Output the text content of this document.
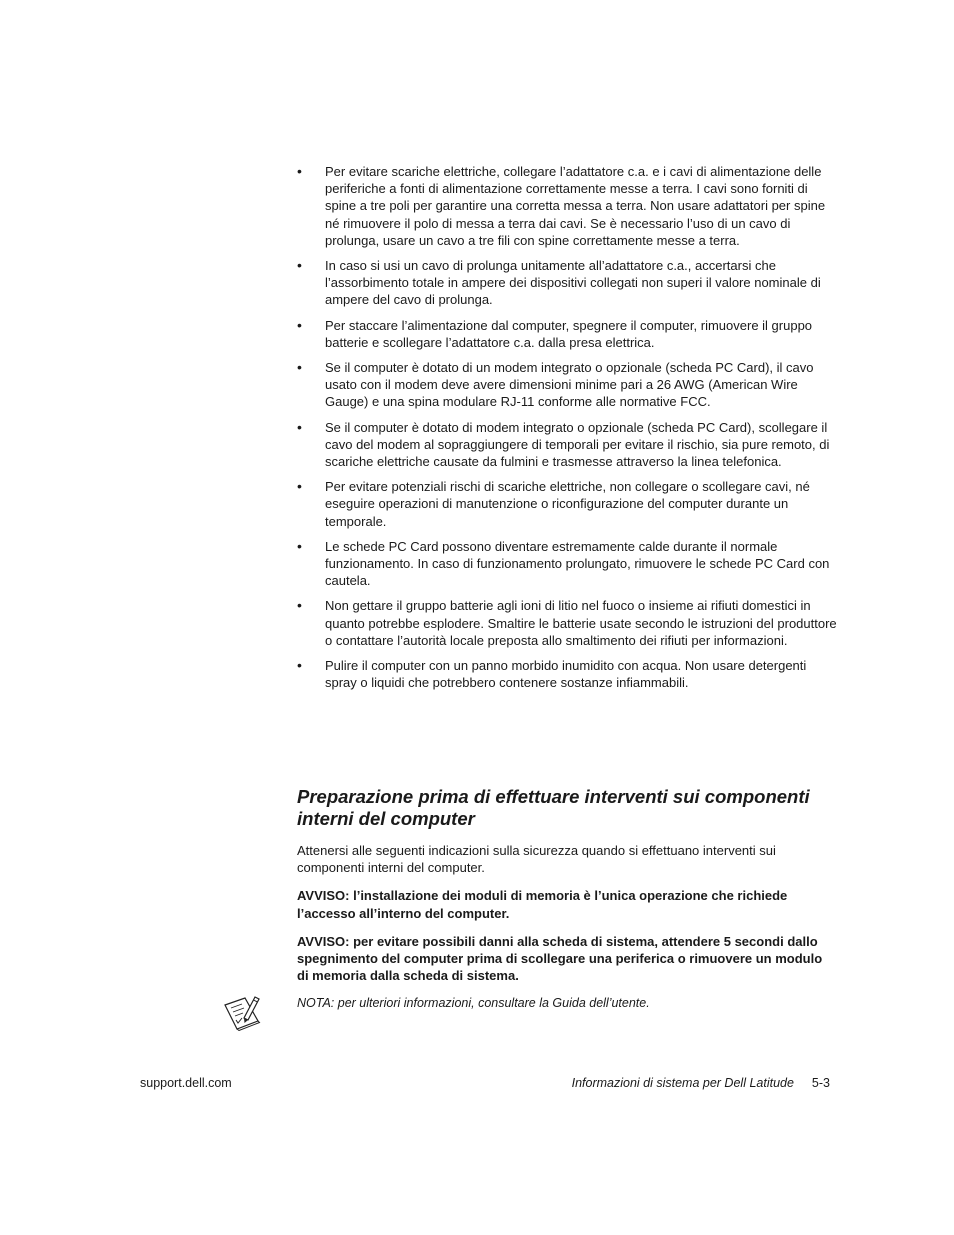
• Per evitare scariche elettriche, collegare l’adattatore c.a. e i cavi di alimentazione delle periferiche a fonti di alimentazione correttamente messe a terra. I cavi sono forniti di spine a tre poli per garantire una corretta messa a terra. Non usare adattatori per spine né rimuovere il polo di messa a terra dai cavi. Se è necessario l’uso di un cavo di prolunga, usare un cavo a tre fili con spine correttamente messe a terra.
• In caso si usi un cavo di prolunga unitamente all’adattatore c.a., accertarsi che l’assorbimento totale in ampere dei dispositivi collegati non superi il valore nominale di ampere del cavo di prolunga.
• Per staccare l’alimentazione dal computer, spegnere il computer, rimuovere il gruppo batterie e scollegare l’adattatore c.a. dalla presa elettrica.
• Se il computer è dotato di un modem integrato o opzionale (scheda PC Card), il cavo usato con il modem deve avere dimensioni minime pari a 26 AWG (American Wire Gauge) e una spina modulare RJ-11 conforme alle normative FCC.
• Se il computer è dotato di modem integrato o opzionale (scheda PC Card), scollegare il cavo del modem al sopraggiungere di temporali per evitare il rischio, sia pure remoto, di scariche elettriche causate da fulmini e trasmesse attraverso la linea telefonica.
• Per evitare potenziali rischi di scariche elettriche, non collegare o scollegare cavi, né eseguire operazioni di manutenzione o riconfigurazione del computer durante un temporale.
• Le schede PC Card possono diventare estremamente calde durante il normale funzionamento. In caso di funzionamento prolungato, rimuovere le schede PC Card con cautela.
• Non gettare il gruppo batterie agli ioni di litio nel fuoco o insieme ai rifiuti domestici in quanto potrebbe esplodere. Smaltire le batterie usate secondo le istruzioni del produttore o contattare l’autorità locale preposta allo smaltimento dei rifiuti per informazioni.
• Pulire il computer con un panno morbido inumidito con acqua. Non usare detergenti spray o liquidi che potrebbero contenere sostanze infiammabili.
Preparazione prima di effettuare interventi sui componenti interni del computer

Attenersi alle seguenti indicazioni sulla sicurezza quando si effettuano interventi sui componenti interni del computer.

AVVISO: l’installazione dei moduli di memoria è l’unica operazione che richiede l’accesso all’interno del computer.

AVVISO: per evitare possibili danni alla scheda di sistema, attendere 5 secondi dallo spegnimento del computer prima di scollegare una periferica o rimuovere un modulo di memoria dalla scheda di sistema.

NOTA: per ulteriori informazioni, consultare la Guida dell’utente.
support.dell.com	Informazioni di sistema per Dell Latitude 5-3
